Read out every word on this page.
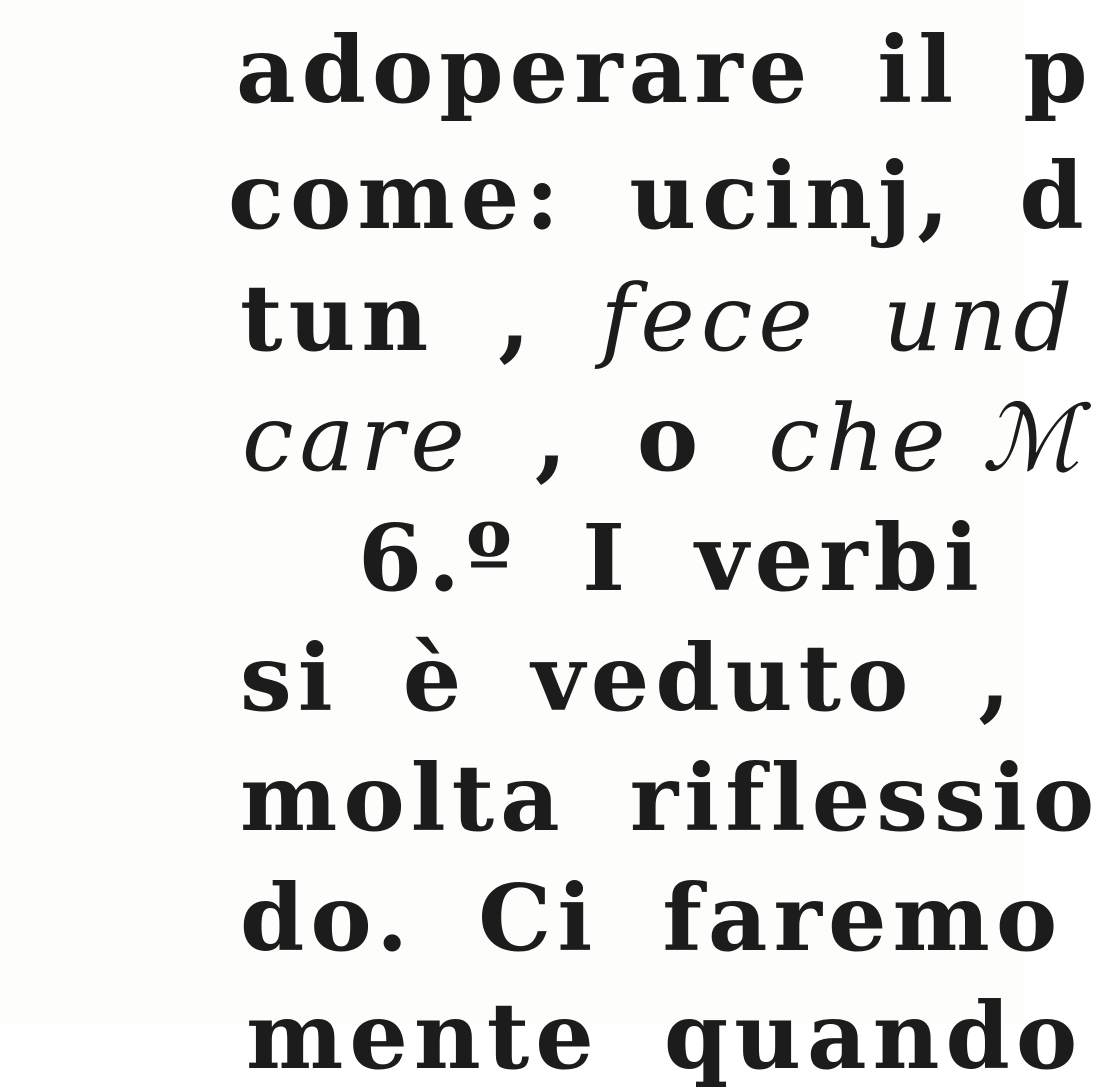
adoperare il p
come: ucinj, d
tun , fece und
care , o che ℳ
6.º I verbi
si è veduto ,
molta riflessio
do. Ci faremo
mente quando
